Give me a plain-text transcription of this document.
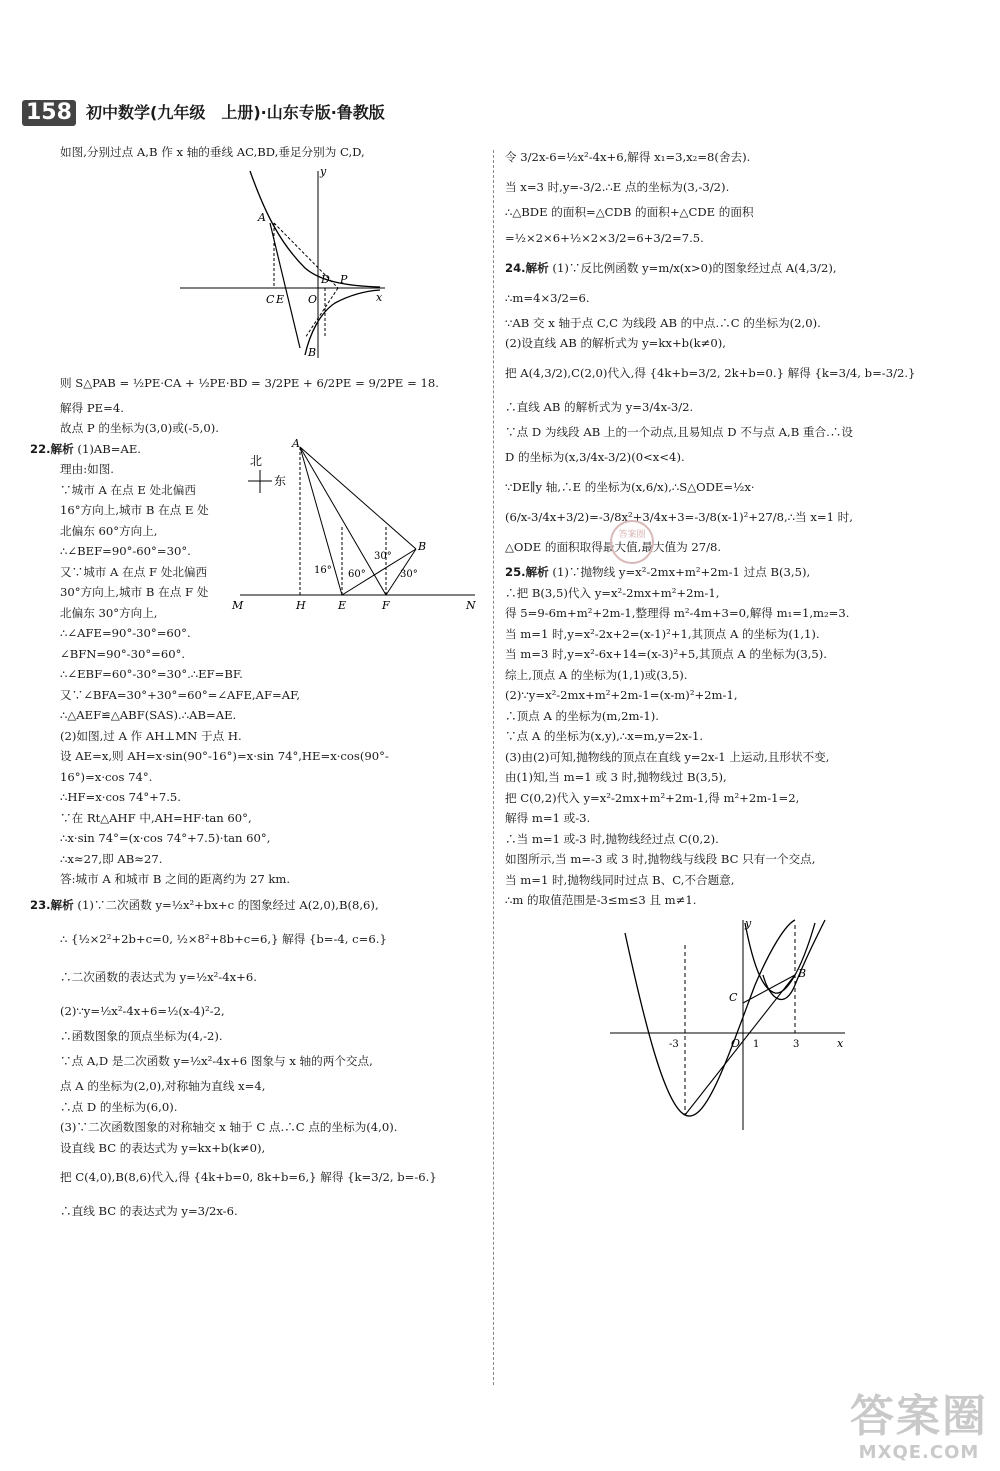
158 初中数学(九年级　上册)·山东专版·鲁教版
如图,分别过点 A,B 作 x 轴的垂线 AC,BD,垂足分别为 C,D,
y
A
C E O
D P
x
B
则 S△PAB = ½PE·CA + ½PE·BD = 3/2PE + 6/2PE = 9/2PE = 18.
解得 PE=4.
故点 P 的坐标为(3,0)或(-5,0).
22.解析 (1)AB=AE.
理由:如图.
∵城市 A 在点 E 处北偏西
16°方向上,城市 B 在点 E 处
北偏东 60°方向上,
∴∠BEF=90°-60°=30°.
又∵城市 A 在点 F 处北偏西
30°方向上,城市 B 在点 F 处
北偏东 30°方向上,
∴∠AFE=90°-30°=60°.
∠BFN=90°-30°=60°.
北
东
A
B
16° 60°
30°
30°
M	H	E	F	N
∴∠EBF=60°-30°=30°.∴EF=BF.
又∵∠BFA=30°+30°=60°=∠AFE,AF=AF,
∴△AEF≌△ABF(SAS).∴AB=AE.
(2)如图,过 A 作 AH⊥MN 于点 H.
设 AE=x,则 AH=x·sin(90°-16°)=x·sin 74°,HE=x·cos(90°-
16°)=x·cos 74°.
∴HF=x·cos 74°+7.5.
∵在 Rt△AHF 中,AH=HF·tan 60°,
∴x·sin 74°=(x·cos 74°+7.5)·tan 60°,
∴x≈27,即 AB≈27.
答:城市 A 和城市 B 之间的距离约为 27 km.
23.解析 (1)∵二次函数 y=½x²+bx+c 的图象经过 A(2,0),B(8,6),
∴ {½×2²+2b+c=0, ½×8²+8b+c=6,} 解得 {b=-4, c=6.}
∴二次函数的表达式为 y=½x²-4x+6.
(2)∵y=½x²-4x+6=½(x-4)²-2,
∴函数图象的顶点坐标为(4,-2).
∵点 A,D 是二次函数 y=½x²-4x+6 图象与 x 轴的两个交点,
点 A 的坐标为(2,0),对称轴为直线 x=4,
∴点 D 的坐标为(6,0).
(3)∵二次函数图象的对称轴交 x 轴于 C 点.∴C 点的坐标为(4,0).
设直线 BC 的表达式为 y=kx+b(k≠0),
把 C(4,0),B(8,6)代入,得 {4k+b=0, 8k+b=6,} 解得 {k=3/2, b=-6.}
∴直线 BC 的表达式为 y=3/2x-6.
令 3/2x-6=½x²-4x+6,解得 x₁=3,x₂=8(舍去).
当 x=3 时,y=-3/2.∴E 点的坐标为(3,-3/2).
∴△BDE 的面积=△CDB 的面积+△CDE 的面积
=½×2×6+½×2×3/2=6+3/2=7.5.
24.解析 (1)∵反比例函数 y=m/x(x>0)的图象经过点 A(4,3/2),
∴m=4×3/2=6.
∵AB 交 x 轴于点 C,C 为线段 AB 的中点.∴C 的坐标为(2,0).
(2)设直线 AB 的解析式为 y=kx+b(k≠0),
把 A(4,3/2),C(2,0)代入,得 {4k+b=3/2, 2k+b=0.} 解得 {k=3/4, b=-3/2.}
∴直线 AB 的解析式为 y=3/4x-3/2.
∵点 D 为线段 AB 上的一个动点,且易知点 D 不与点 A,B 重合.∴设
D 的坐标为(x,3/4x-3/2)(0<x<4).
∵DE∥y 轴,∴E 的坐标为(x,6/x),∴S△ODE=½x·
(6/x-3/4x+3/2)=-3/8x²+3/4x+3=-3/8(x-1)²+27/8,∴当 x=1 时,
△ODE 的面积取得最大值,最大值为 27/8.
25.解析 (1)∵抛物线 y=x²-2mx+m²+2m-1 过点 B(3,5),
∴把 B(3,5)代入 y=x²-2mx+m²+2m-1,
得 5=9-6m+m²+2m-1,整理得 m²-4m+3=0,解得 m₁=1,m₂=3.
当 m=1 时,y=x²-2x+2=(x-1)²+1,其顶点 A 的坐标为(1,1).
当 m=3 时,y=x²-6x+14=(x-3)²+5,其顶点 A 的坐标为(3,5).
综上,顶点 A 的坐标为(1,1)或(3,5).
(2)∵y=x²-2mx+m²+2m-1=(x-m)²+2m-1,
∴顶点 A 的坐标为(m,2m-1).
∵点 A 的坐标为(x,y),∴x=m,y=2x-1.
(3)由(2)可知,抛物线的顶点在直线 y=2x-1 上运动,且形状不变,
由(1)知,当 m=1 或 3 时,抛物线过 B(3,5),
把 C(0,2)代入 y=x²-2mx+m²+2m-1,得 m²+2m-1=2,
解得 m=1 或-3.
∴当 m=1 或-3 时,抛物线经过点 C(0,2).
如图所示,当 m=-3 或 3 时,抛物线与线段 BC 只有一个交点,
当 m=1 时,抛物线同时过点 B、C,不合题意,
∴m 的取值范围是-3≤m≤3 且 m≠1.
x
y
B
C
-3	O 1	3
答案圈
答案圈
MXQE.COM
